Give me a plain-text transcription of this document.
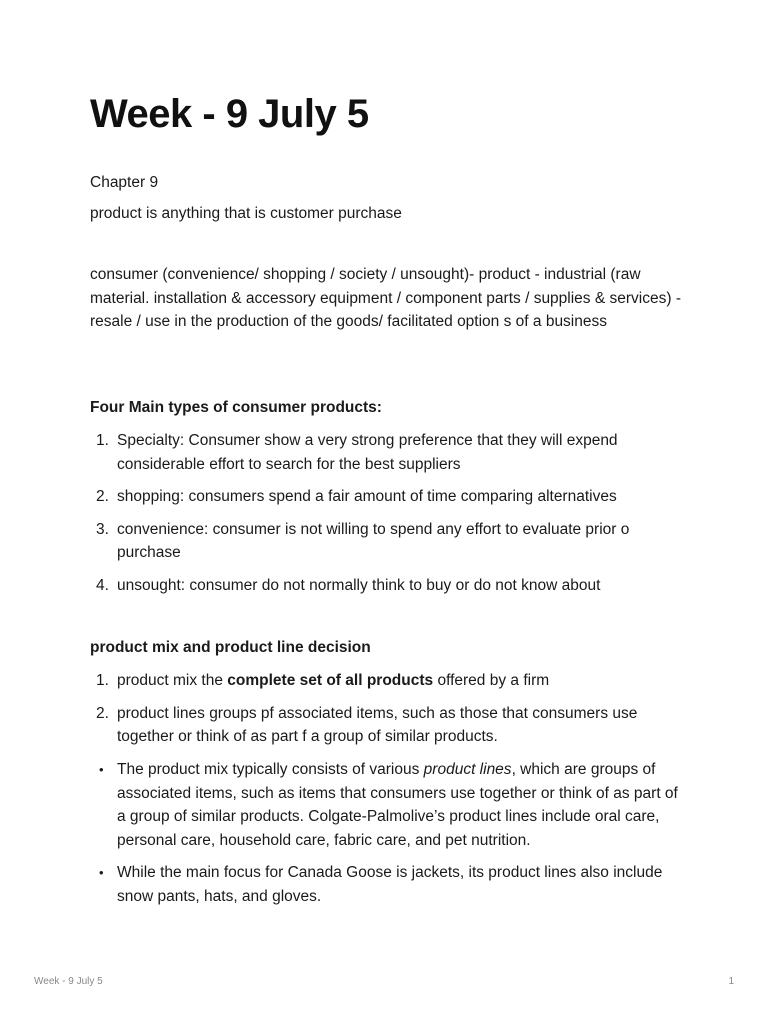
Week - 9 July 5

Chapter 9

product is anything that is customer purchase

consumer (convenience/ shopping / society / unsought)- product - industrial (raw material. installation & accessory equipment / component parts / supplies & services) -resale / use in the production of the goods/ facilitated option s of a business

Four Main types of consumer products:

1. Specialty: Consumer show a very strong preference that they will expend considerable effort to search for the best suppliers
2. shopping: consumers spend a fair amount of time comparing alternatives
3. convenience: consumer is not willing to spend any effort to evaluate prior o purchase
4. unsought: consumer do not normally think to buy or do not know about

product mix and product line decision

1. product mix the complete set of all products offered by a firm
2. product lines groups pf associated items, such as those that consumers use together or think of as part f a group of similar products.
• The product mix typically consists of various product lines, which are groups of associated items, such as items that consumers use together or think of as part of a group of similar products. Colgate-Palmolive’s product lines include oral care, personal care, household care, fabric care, and pet nutrition.
• While the main focus for Canada Goose is jackets, its product lines also include snow pants, hats, and gloves.
Week - 9 July 5	1
